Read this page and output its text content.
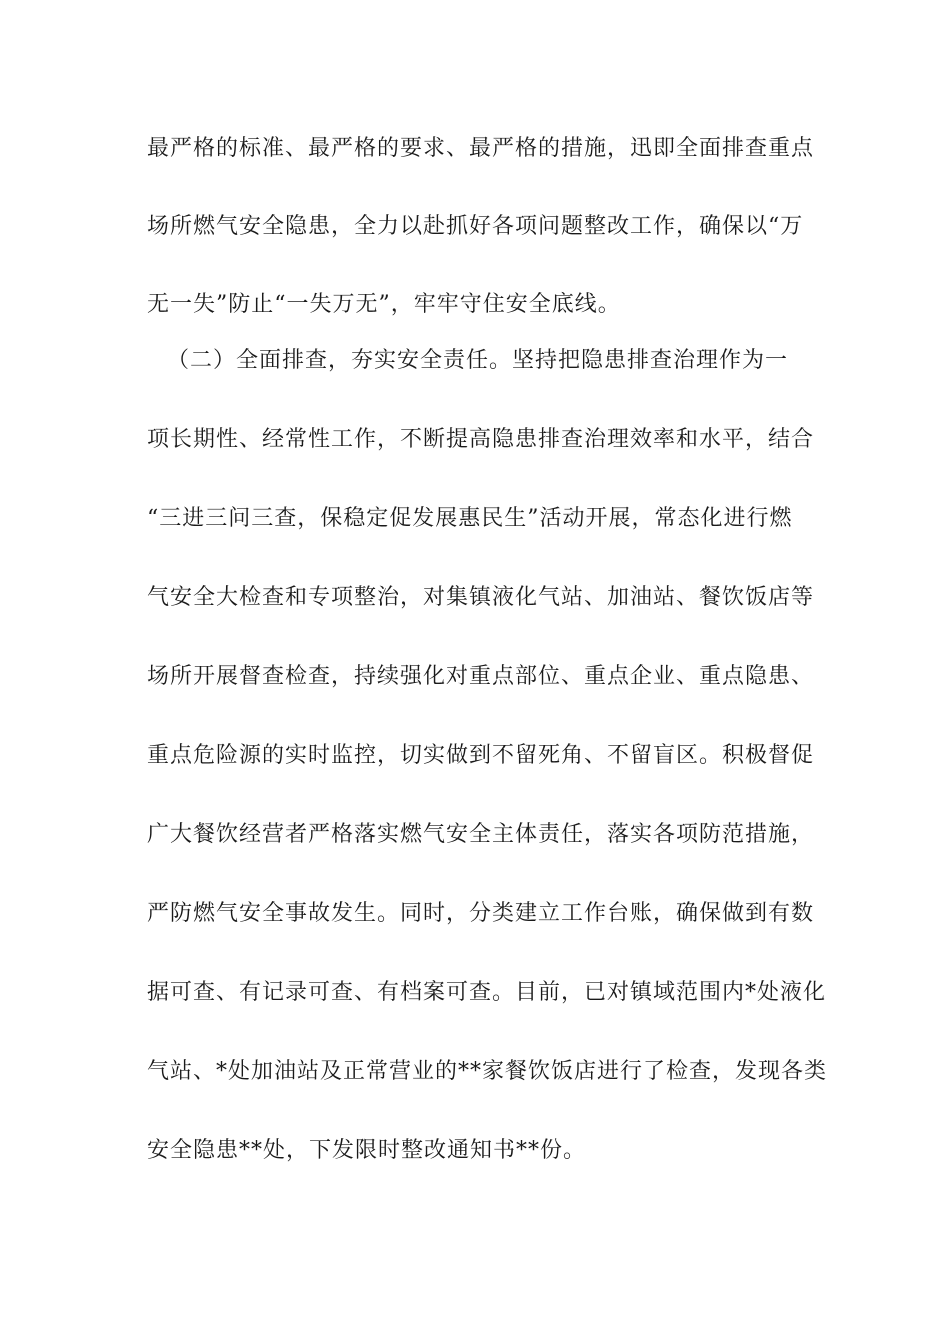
最严格的标准、最严格的要求、最严格的措施，迅即全面排查重点
场所燃气安全隐患，全力以赴抓好各项问题整改工作，确保以“万
无一失”防止“一失万无”，牢牢守住安全底线。
（二）全面排查，夯实安全责任。坚持把隐患排查治理作为一
项长期性、经常性工作，不断提高隐患排查治理效率和水平，结合
“三进三问三查，保稳定促发展惠民生”活动开展，常态化进行燃
气安全大检查和专项整治，对集镇液化气站、加油站、餐饮饭店等
场所开展督查检查，持续强化对重点部位、重点企业、重点隐患、
重点危险源的实时监控，切实做到不留死角、不留盲区。积极督促
广大餐饮经营者严格落实燃气安全主体责任，落实各项防范措施，
严防燃气安全事故发生。同时，分类建立工作台账，确保做到有数
据可查、有记录可查、有档案可查。目前，已对镇域范围内*处液化
气站、*处加油站及正常营业的**家餐饮饭店进行了检查，发现各类
安全隐患**处，下发限时整改通知书**份。
